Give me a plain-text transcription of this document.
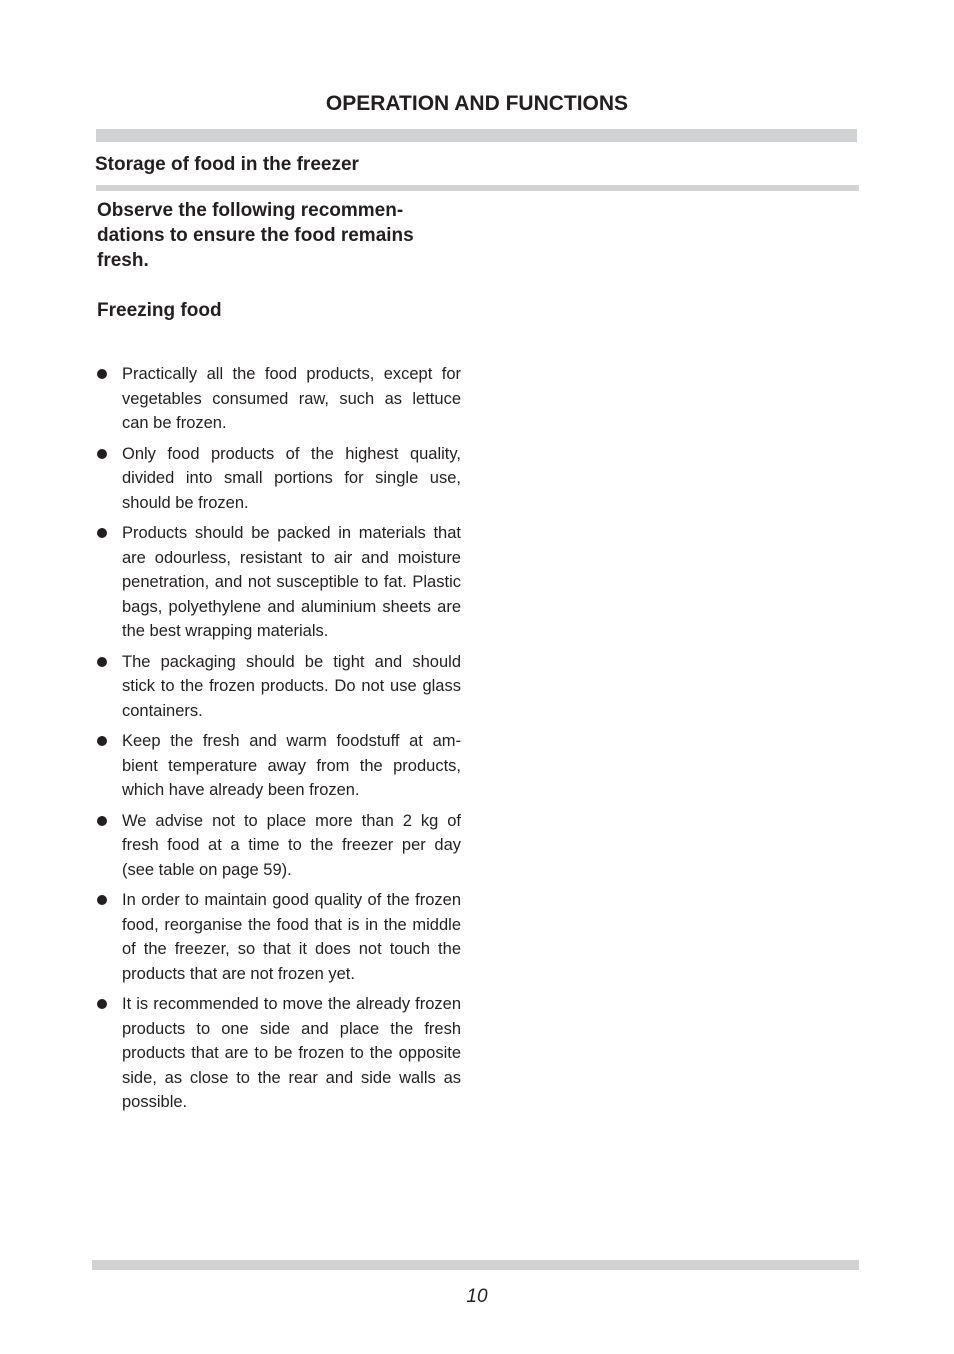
OPERATION AND FUNCTIONS
Storage of food in the freezer

Observe the following recommen-dations to ensure the food remains fresh.

Freezing food
Practically all the food products, except for vegetables consumed raw, such as lettuce can be frozen.
Only food products of the highest quality, divided into small portions for single use, should be frozen.
Products should be packed in materials that are odourless, resistant to air and moisture penetration, and not susceptible to fat. Plastic bags, polyethylene and aluminium sheets are the best wrapping materials.
The packaging should be tight and should stick to the frozen products. Do not use glass containers.
Keep the fresh and warm foodstuff at am-bient temperature away from the products, which have already been frozen.
We advise not to place more than 2 kg of fresh food at a time to the freezer per day (see table on page 59).
In order to maintain good quality of the frozen food, reorganise the food that is in the middle of the freezer, so that it does not touch the products that are not frozen yet.
It is recommended to move the already frozen products to one side and place the fresh products that are to be frozen to the opposite side, as close to the rear and side walls as possible.
10
